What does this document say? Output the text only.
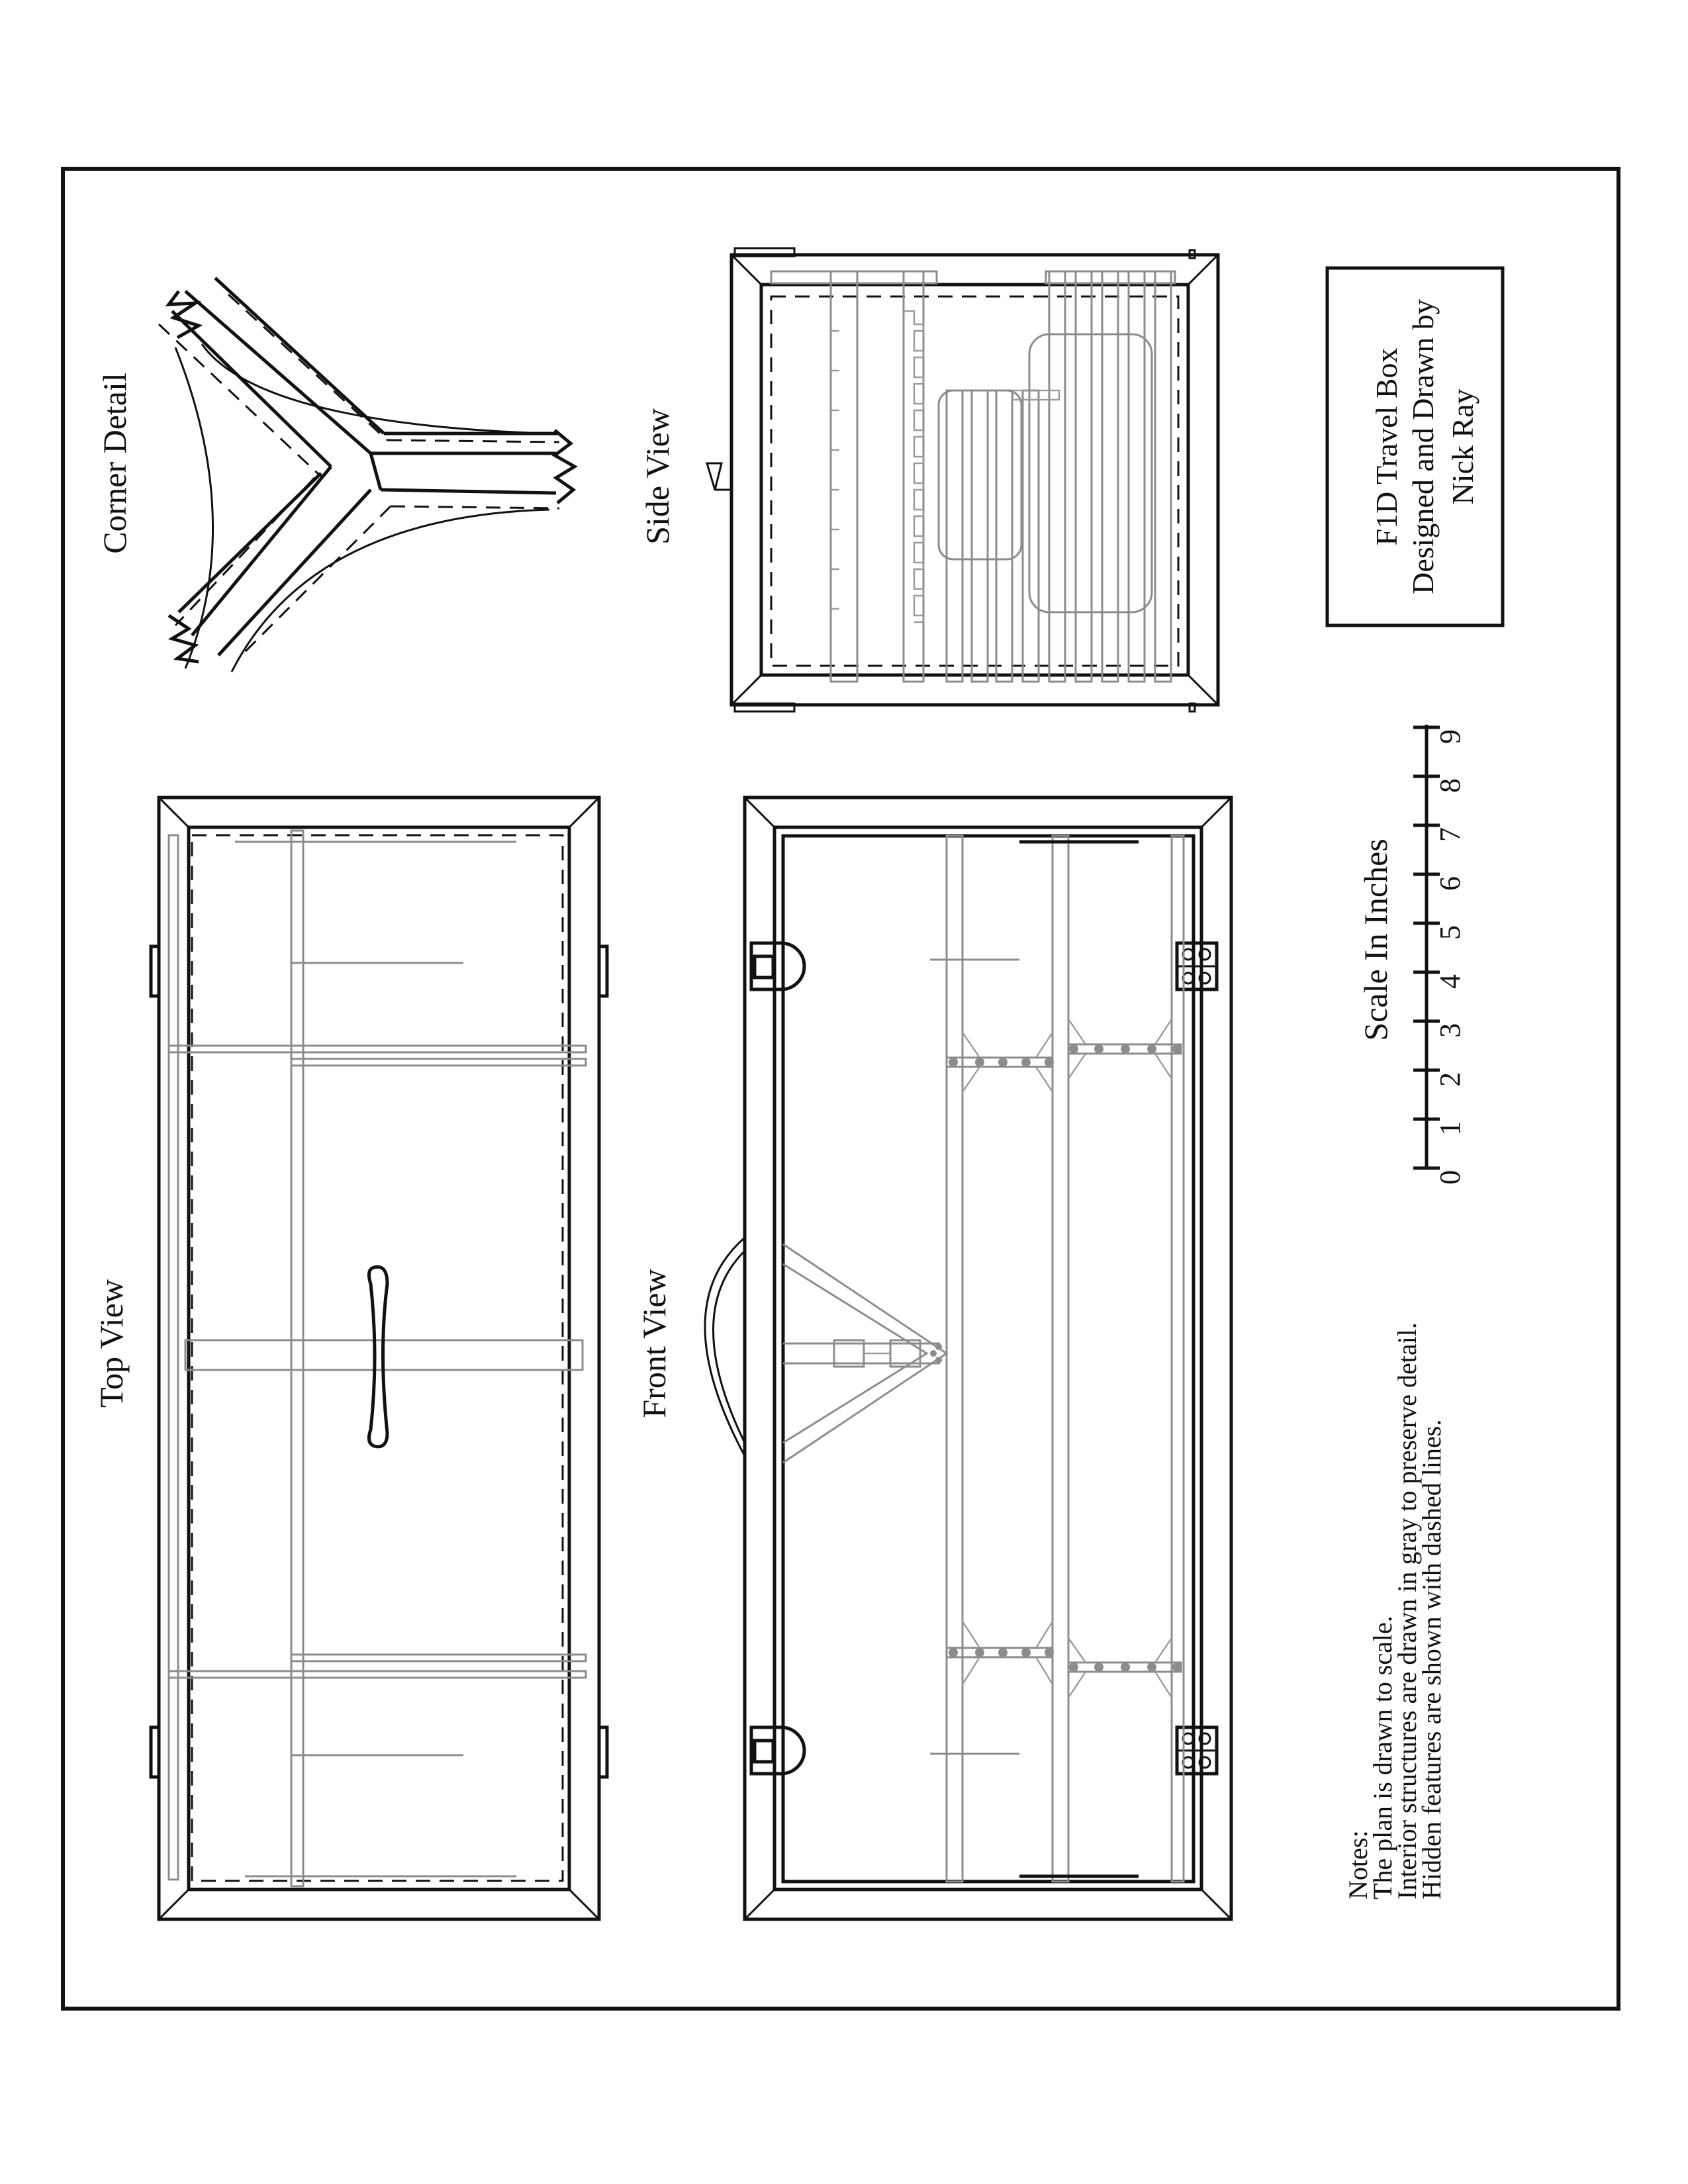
Corner Detail	Side View	F1D Travel Box Designed and Drawn by Nick Ray
Top View	Front View
Scale In Inches
0
1
2
3
4
5
6
7
8
9
Notes:
The plan is drawn to scale.
Interior structures are drawn in gray to preserve detail.
Hidden features are shown with dashed lines.
